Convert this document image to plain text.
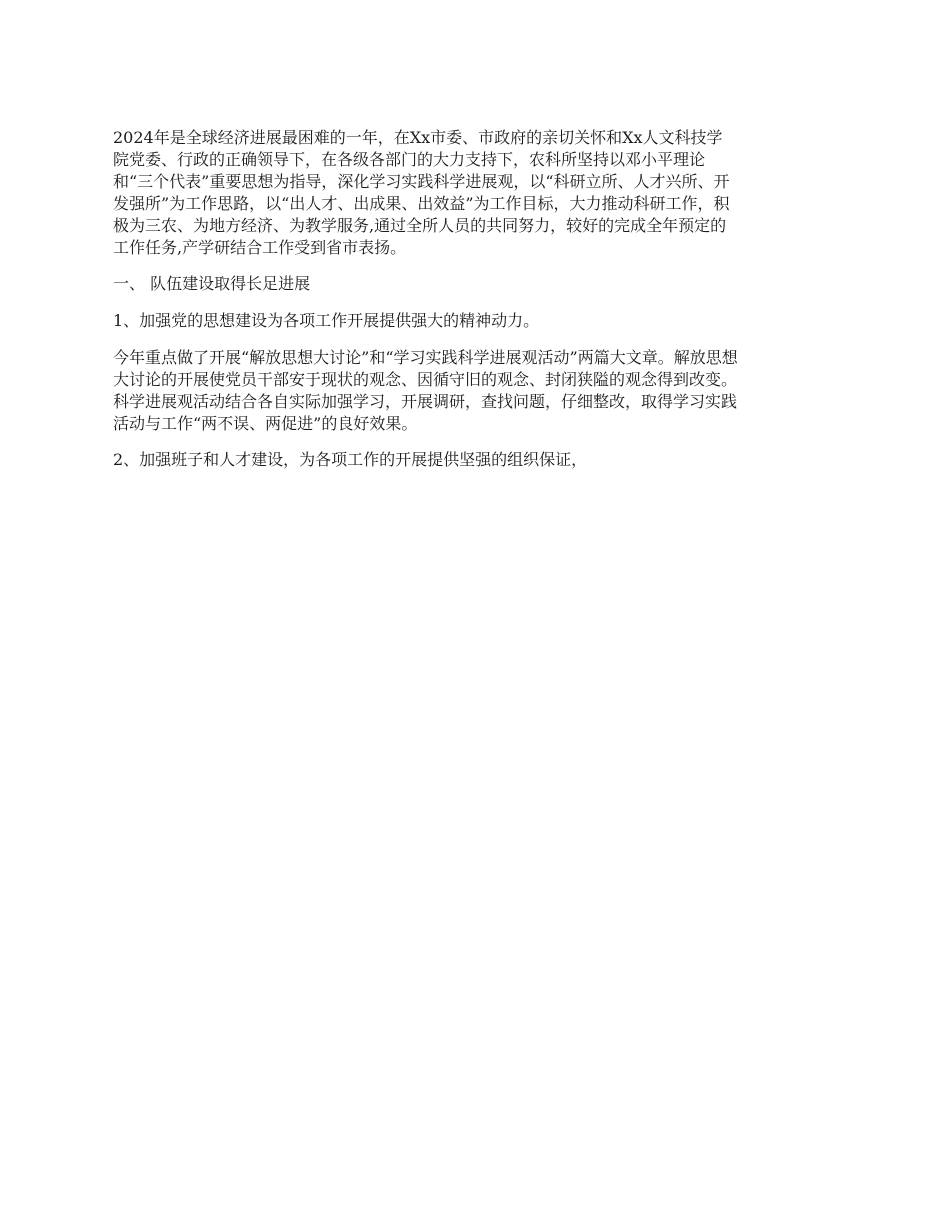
2024年是全球经济进展最困难的一年，在Xx市委、市政府的亲切关怀和Xx人文科技学
院党委、行政的正确领导下，在各级各部门的大力支持下，农科所坚持以邓小平理论
和“三个代表”重要思想为指导，深化学习实践科学进展观，以“科研立所、人才兴所、开
发强所”为工作思路，以“出人才、出成果、出效益”为工作目标，大力推动科研工作，积
极为三农、为地方经济、为教学服务,通过全所人员的共同努力，较好的完成全年预定的
工作任务,产学研结合工作受到省市表扬。

一、 队伍建设取得长足进展

1、加强党的思想建设为各项工作开展提供强大的精神动力。

今年重点做了开展“解放思想大讨论”和“学习实践科学进展观活动”两篇大文章。解放思想
大讨论的开展使党员干部安于现状的观念、因循守旧的观念、封闭狭隘的观念得到改变。
科学进展观活动结合各自实际加强学习，开展调研，查找问题，仔细整改，取得学习实践
活动与工作“两不误、两促进”的良好效果。

2、加强班子和人才建设，为各项工作的开展提供坚强的组织保证，
